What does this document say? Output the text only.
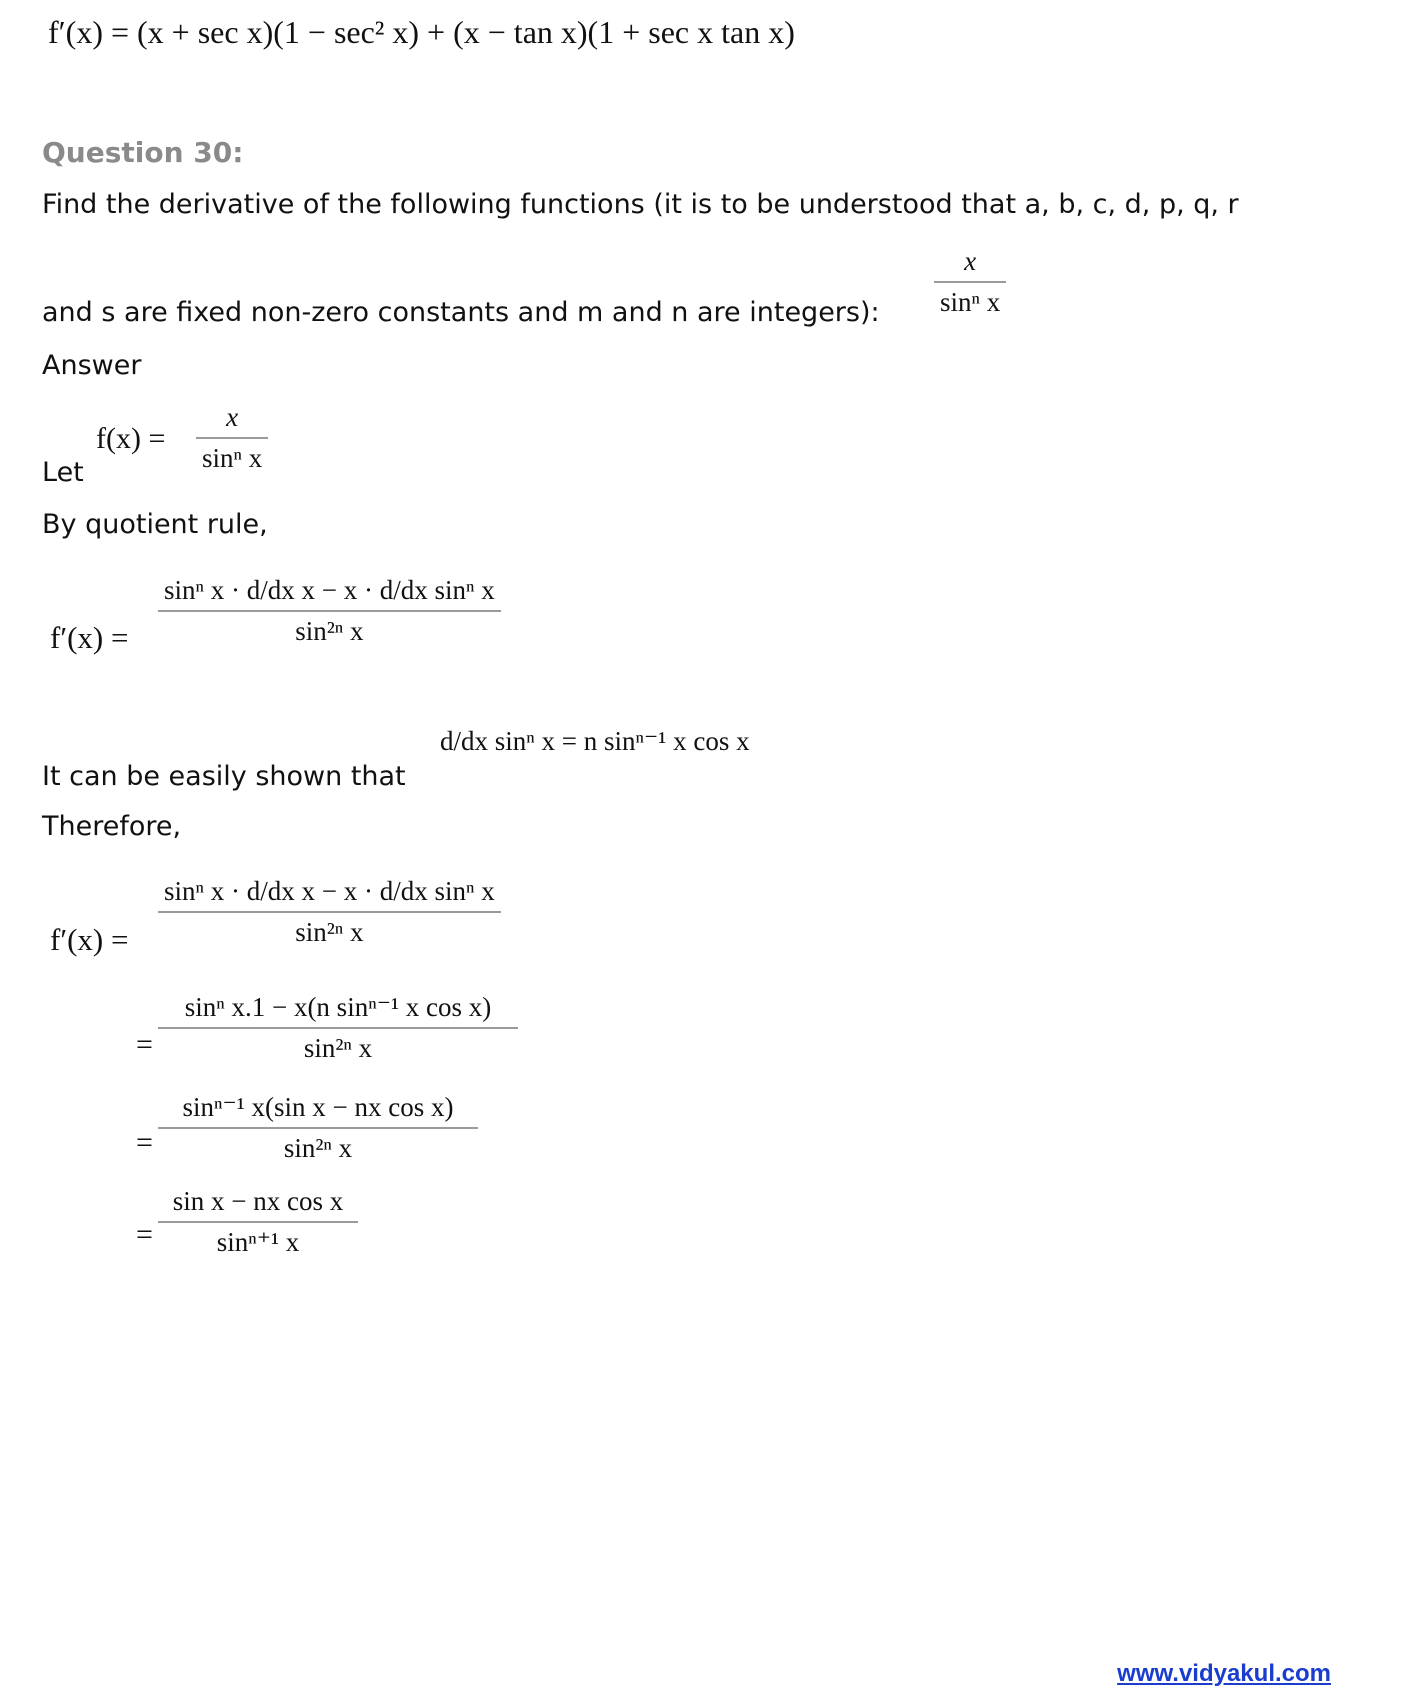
f′(x) = (x + sec x)(1 − sec² x) + (x − tan x)(1 + sec x tan x)
Question 30:
Find the derivative of the following functions (it is to be understood that a, b, c, d, p, q, r
and s are fixed non-zero constants and m and n are integers): $\frac{x}{\text{sinⁿ x}}$
Answer
Let
$f(x) = \frac{x}{\text{sinⁿ x}}$
By quotient rule,
$f'(x) = \frac{\text{sinⁿ x · d/dx x − x · d/dx sinⁿ x}}{\text{sin²ⁿ x}}$
It can be easily shown that
d/dx sinⁿ x = n sinⁿ⁻¹ x cos x
Therefore,
$f'(x) = \frac{\text{sinⁿ x · d/dx x − x · d/dx sinⁿ x}}{\text{sin²ⁿ x}}$
= $\frac{\text{sinⁿ x.1 − x(n sinⁿ⁻¹ x cos x)}}{\text{sin²ⁿ x}}$
= $\frac{\text{sinⁿ⁻¹ x(sin x − nx cos x)}}{\text{sin²ⁿ x}}$
= $\frac{\text{sin x − nx cos x}}{\text{sinⁿ⁺¹ x}}$
www.vidyakul.com
